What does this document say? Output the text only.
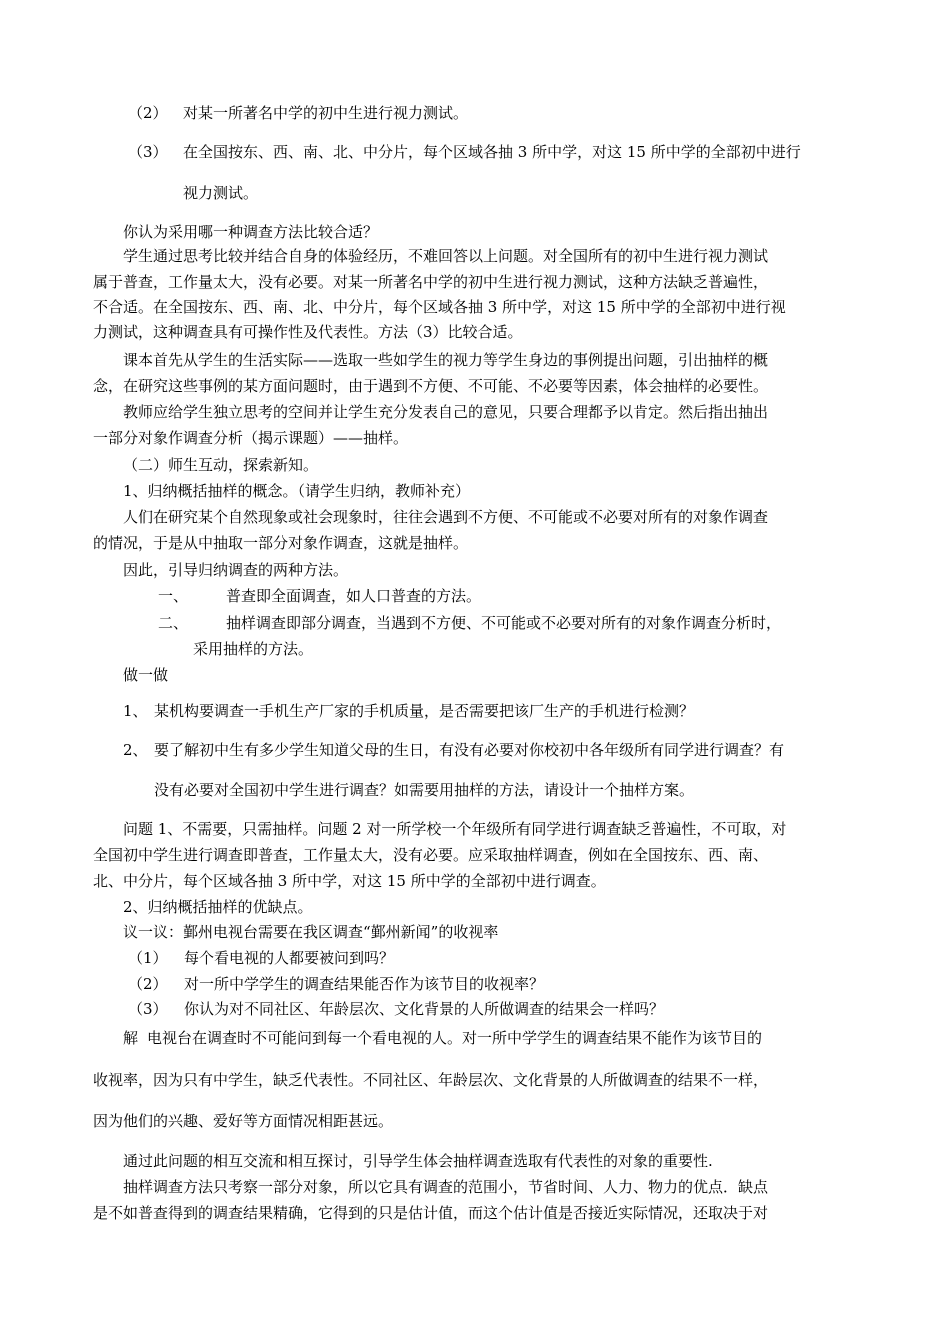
（2） 对某一所著名中学的初中生进行视力测试。
（3） 在全国按东、西、南、北、中分片，每个区域各抽 3 所中学，对这 15 所中学的全部初中进行
视力测试。
你认为采用哪一种调查方法比较合适？
学生通过思考比较并结合自身的体验经历，不难回答以上问题。对全国所有的初中生进行视力测试
属于普查，工作量太大，没有必要。对某一所著名中学的初中生进行视力测试，这种方法缺乏普遍性，
不合适。在全国按东、西、南、北、中分片，每个区域各抽 3 所中学，对这 15 所中学的全部初中进行视
力测试，这种调查具有可操作性及代表性。方法（3）比较合适。
课本首先从学生的生活实际——选取一些如学生的视力等学生身边的事例提出问题，引出抽样的概
念，在研究这些事例的某方面问题时，由于遇到不方便、不可能、不必要等因素，体会抽样的必要性。
教师应给学生独立思考的空间并让学生充分发表自己的意见，只要合理都予以肯定。然后指出抽出
一部分对象作调查分析（揭示课题）——抽样。
（二）师生互动，探索新知。
1、归纳概括抽样的概念。（请学生归纳，教师补充）
人们在研究某个自然现象或社会现象时，往往会遇到不方便、不可能或不必要对所有的对象作调查
的情况，于是从中抽取一部分对象作调查，这就是抽样。
因此，引导归纳调查的两种方法。
一、	普查即全面调查，如人口普查的方法。
二、	抽样调查即部分调查，当遇到不方便、不可能或不必要对所有的对象作调查分析时，
采用抽样的方法。
做一做
1、 某机构要调查一手机生产厂家的手机质量，是否需要把该厂生产的手机进行检测？
2、 要了解初中生有多少学生知道父母的生日，有没有必要对你校初中各年级所有同学进行调查？有
没有必要对全国初中学生进行调查？如需要用抽样的方法，请设计一个抽样方案。
问题 1、不需要，只需抽样。问题 2 对一所学校一个年级所有同学进行调查缺乏普遍性，不可取，对
全国初中学生进行调查即普查，工作量太大，没有必要。应采取抽样调查，例如在全国按东、西、南、
北、中分片，每个区域各抽 3 所中学，对这 15 所中学的全部初中进行调查。
2、归纳概括抽样的优缺点。
议一议：鄞州电视台需要在我区调查“鄞州新闻”的收视率
（1） 每个看电视的人都要被问到吗？
（2） 对一所中学学生的调查结果能否作为该节目的收视率？
（3） 你认为对不同社区、年龄层次、文化背景的人所做调查的结果会一样吗？
解 电视台在调查时不可能问到每一个看电视的人。对一所中学学生的调查结果不能作为该节目的
收视率，因为只有中学生，缺乏代表性。不同社区、年龄层次、文化背景的人所做调查的结果不一样，
因为他们的兴趣、爱好等方面情况相距甚远。
通过此问题的相互交流和相互探讨，引导学生体会抽样调查选取有代表性的对象的重要性.
抽样调查方法只考察一部分对象，所以它具有调查的范围小，节省时间、人力、物力的优点．缺点
是不如普查得到的调查结果精确，它得到的只是估计值，而这个估计值是否接近实际情况，还取决于对
